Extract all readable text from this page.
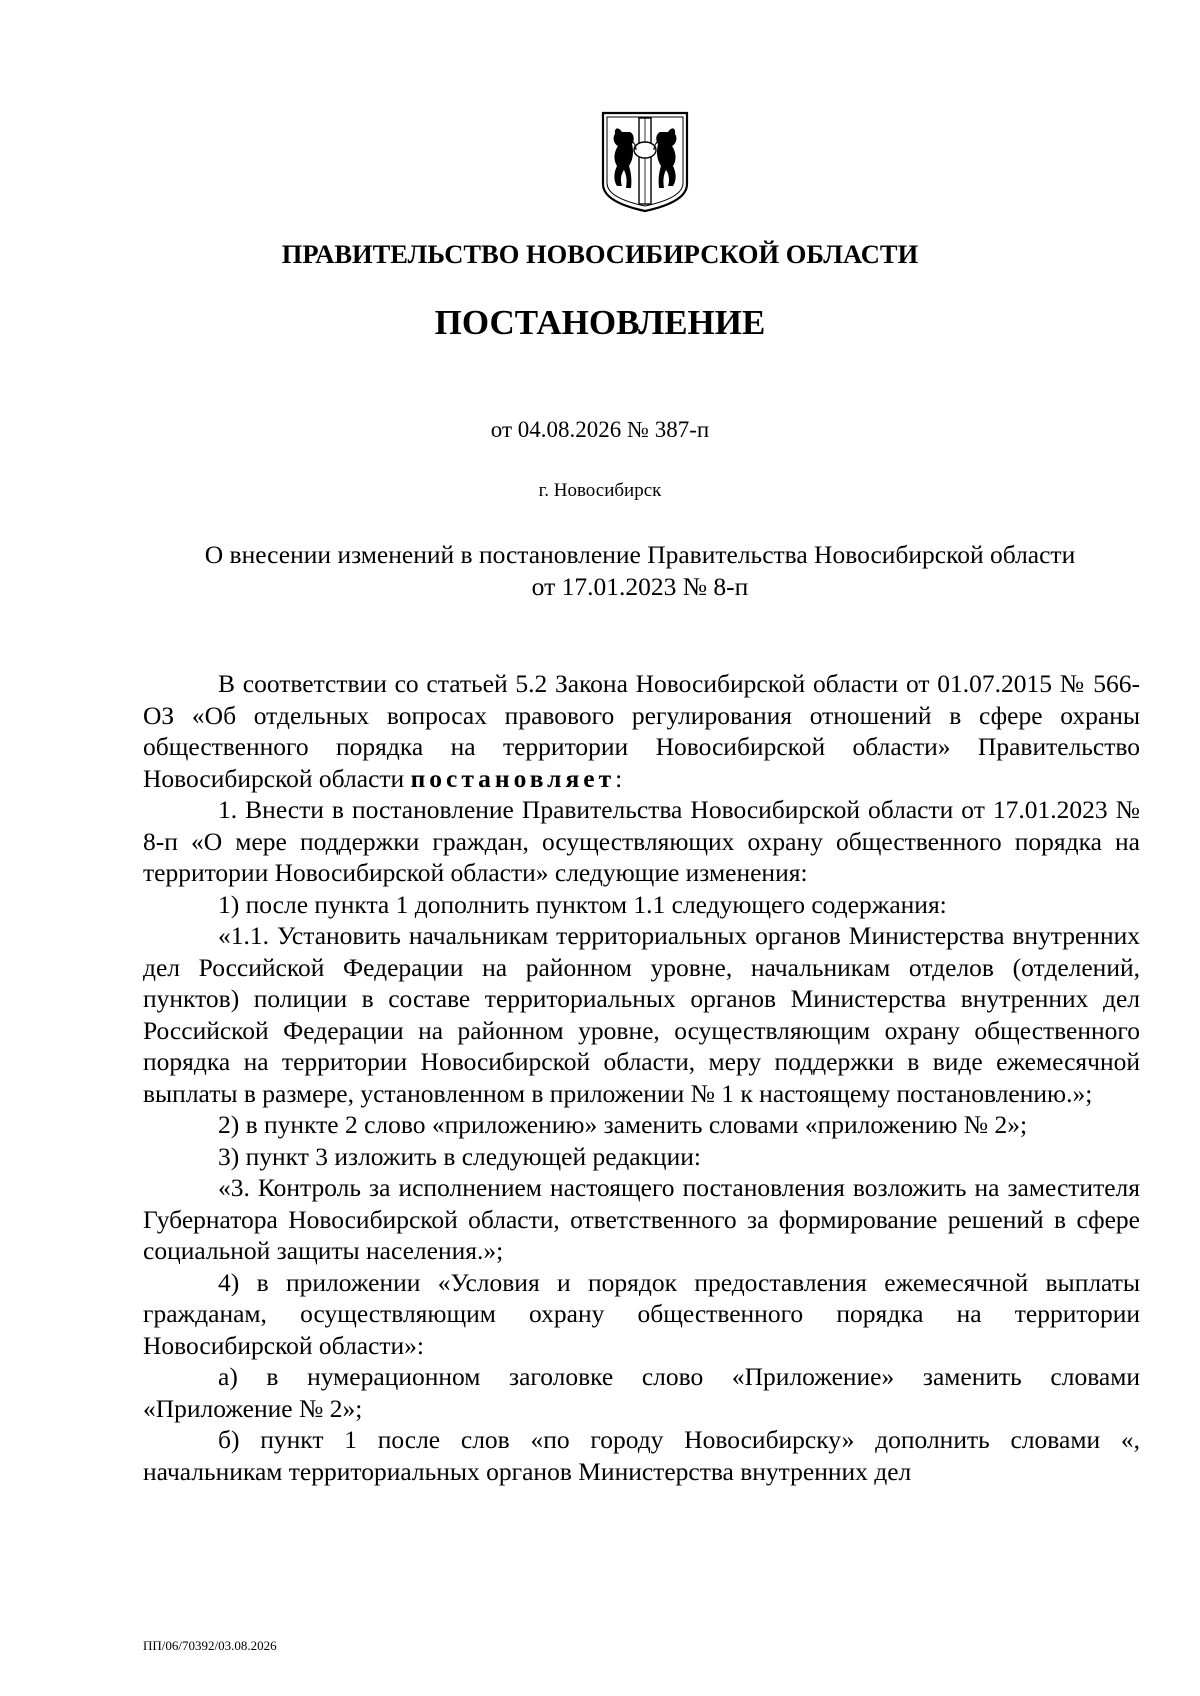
ПРАВИТЕЛЬСТВО НОВОСИБИРСКОЙ ОБЛАСТИ
ПОСТАНОВЛЕНИЕ
от 04.08.2026 № 387-п
г. Новосибирск
О внесении изменений в постановление Правительства Новосибирской области
от 17.01.2023 № 8-п

В соответствии со статьей 5.2 Закона Новосибирской области от 01.07.2015 № 566-ОЗ «Об отдельных вопросах правового регулирования отношений в сфере охраны общественного порядка на территории Новосибирской области» Правительство Новосибирской области постановляет:

1. Внести в постановление Правительства Новосибирской области от 17.01.2023 № 8-п «О мере поддержки граждан, осуществляющих охрану общественного порядка на территории Новосибирской области» следующие изменения:

1) после пункта 1 дополнить пунктом 1.1 следующего содержания:

«1.1. Установить начальникам территориальных органов Министерства внутренних дел Российской Федерации на районном уровне, начальникам отделов (отделений, пунктов) полиции в составе территориальных органов Министерства внутренних дел Российской Федерации на районном уровне, осуществляющим охрану общественного порядка на территории Новосибирской области, меру поддержки в виде ежемесячной выплаты в размере, установленном в приложении № 1 к настоящему постановлению.»;

2) в пункте 2 слово «приложению» заменить словами «приложению № 2»;

3) пункт 3 изложить в следующей редакции:

«3. Контроль за исполнением настоящего постановления возложить на заместителя Губернатора Новосибирской области, ответственного за формирование решений в сфере социальной защиты населения.»;

4) в приложении «Условия и порядок предоставления ежемесячной выплаты гражданам, осуществляющим охрану общественного порядка на территории Новосибирской области»:

а) в нумерационном заголовке слово «Приложение» заменить словами «Приложение № 2»;

б) пункт 1 после слов «по городу Новосибирску» дополнить словами «, начальникам территориальных органов Министерства внутренних дел

ПП/06/70392/03.08.2026
